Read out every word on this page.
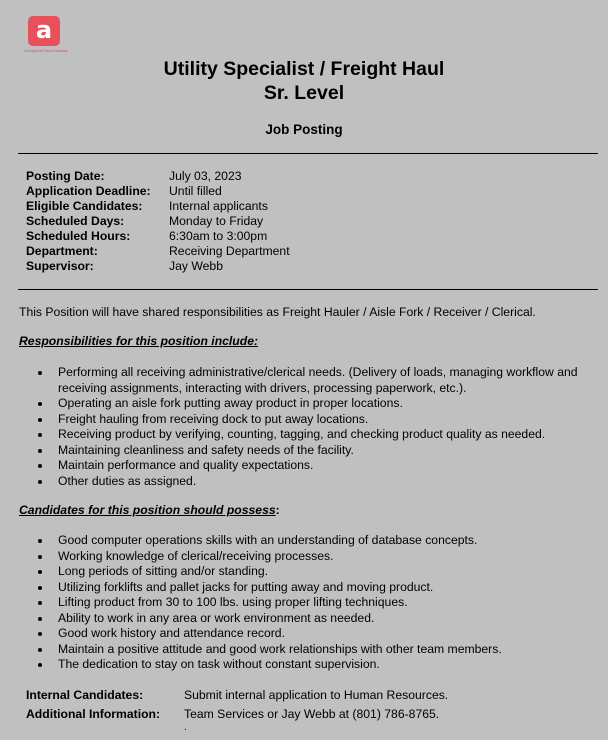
a
Anonymized Stock Resume
Utility Specialist / Freight Haul
Sr. Level
Job Posting
Posting Date:	July 03, 2023
Application Deadline: Until filled
Eligible Candidates: Internal applicants
Scheduled Days:	Monday to Friday
Scheduled Hours:	6:30am to 3:00pm
Department:	Receiving Department
Supervisor:	Jay Webb
This Position will have shared responsibilities as Freight Hauler / Aisle Fork / Receiver / Clerical.
Responsibilities for this position include:
Performing all receiving administrative/clerical needs. (Delivery of loads, managing workflow and receiving assignments, interacting with drivers, processing paperwork, etc.).
Operating an aisle fork putting away product in proper locations.
Freight hauling from receiving dock to put away locations.
Receiving product by verifying, counting, tagging, and checking product quality as needed.
Maintaining cleanliness and safety needs of the facility.
Maintain performance and quality expectations.
Other duties as assigned.
Candidates for this position should possess:
Good computer operations skills with an understanding of database concepts.
Working knowledge of clerical/receiving processes.
Long periods of sitting and/or standing.
Utilizing forklifts and pallet jacks for putting away and moving product.
Lifting product from 30 to 100 lbs. using proper lifting techniques.
Ability to work in any area or work environment as needed.
Good work history and attendance record.
Maintain a positive attitude and good work relationships with other team members.
The dedication to stay on task without constant supervision.
Internal Candidates:	Submit internal application to Human Resources.
Additional Information: Team Services or Jay Webb at (801) 786-8765.
.
